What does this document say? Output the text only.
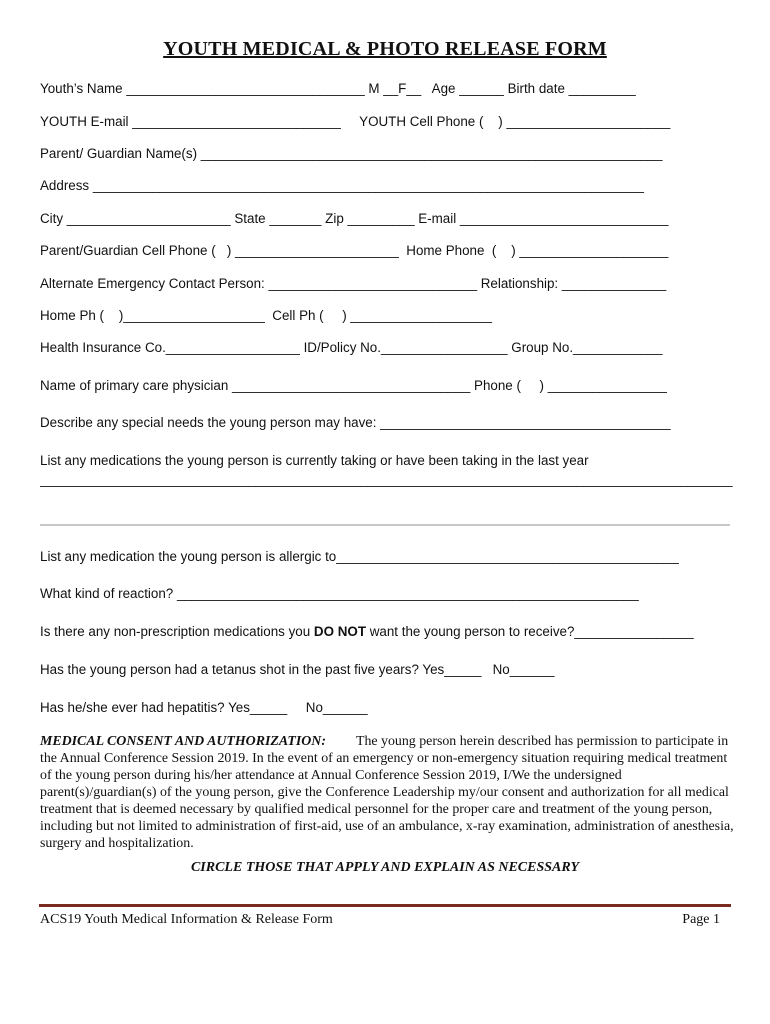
YOUTH MEDICAL & PHOTO RELEASE FORM
Youth’s Name ________________________________ M __F__   Age ______ Birth date _________
YOUTH E-mail ____________________________     YOUTH Cell Phone (    ) ______________________
Parent/ Guardian Name(s) ______________________________________________________________
Address __________________________________________________________________________
City ______________________ State _______ Zip _________ E-mail ____________________________
Parent/Guardian Cell Phone (   ) ______________________  Home Phone  (    ) ____________________
Alternate Emergency Contact Person: ____________________________ Relationship: ______________
Home Ph (    )___________________  Cell Ph (     ) ___________________
Health Insurance Co.__________________ ID/Policy No._________________ Group No.____________
Name of primary care physician ________________________________ Phone (     ) ________________
Describe any special needs the young person may have: _______________________________________
List any medications the young person is currently taking or have been taking in the last year
_____________________________________________________________________________________________
List any medication the young person is allergic to______________________________________________
What kind of reaction? ______________________________________________________________
Is there any non-prescription medications you DO NOT want the young person to receive?________________
Has the young person had a tetanus shot in the past five years? Yes_____   No______
Has he/she ever had hepatitis? Yes_____     No______
MEDICAL CONSENT AND AUTHORIZATION: The young person herein described has permission to participate in the Annual Conference Session 2019. In the event of an emergency or non-emergency situation requiring medical treatment of the young person during his/her attendance at Annual Conference Session 2019, I/We the undersigned parent(s)/guardian(s) of the young person, give the Conference Leadership my/our consent and authorization for all medical treatment that is deemed necessary by qualified medical personnel for the proper care and treatment of the young person, including but not limited to administration of first-aid, use of an ambulance, x-ray examination, administration of anesthesia, surgery and hospitalization.
CIRCLE THOSE THAT APPLY AND EXPLAIN AS NECESSARY
ACS19 Youth Medical Information & Release Form	Page 1
